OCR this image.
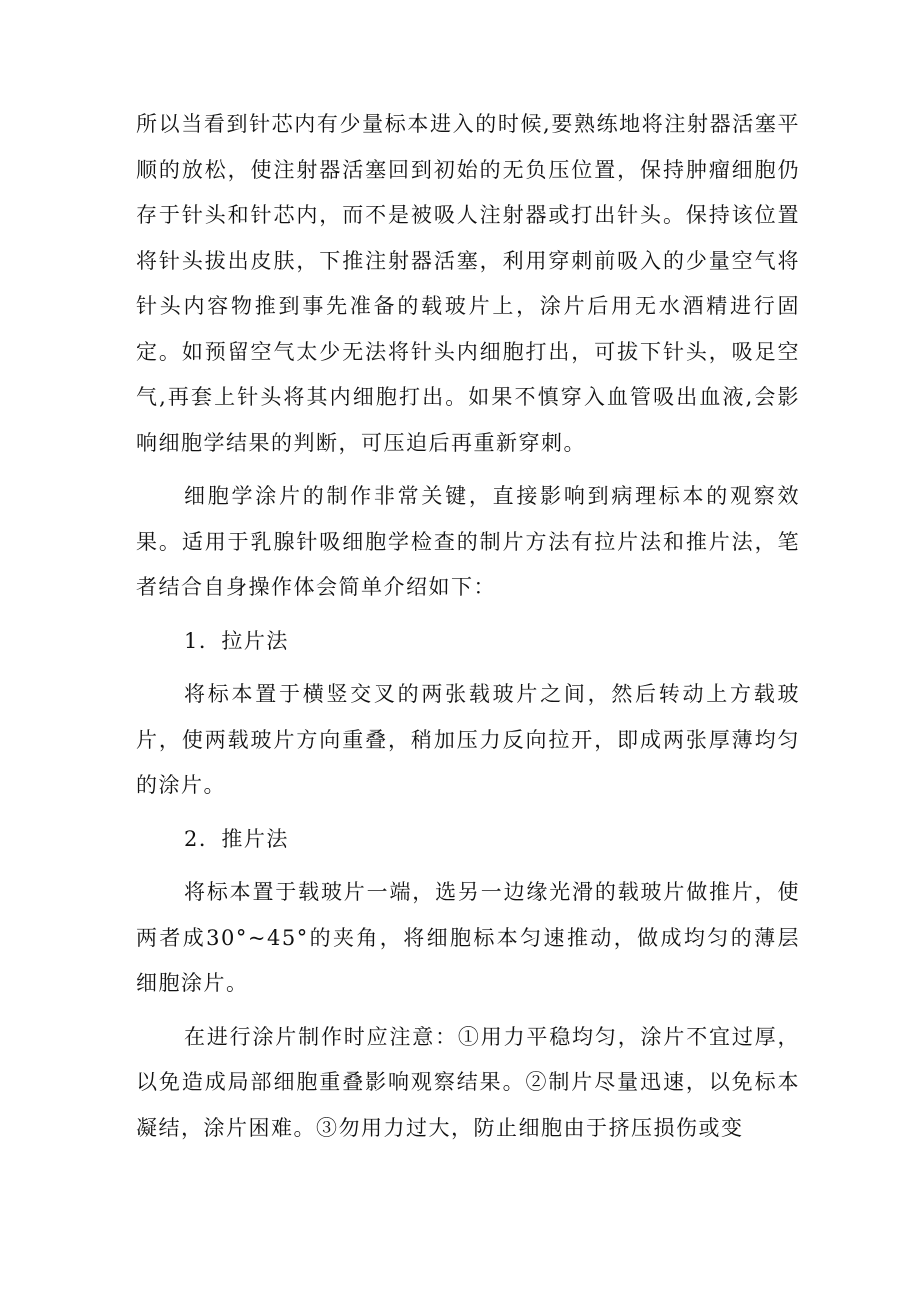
所以当看到针芯内有少量标本进入的时候,要熟练地将注射器活塞平顺的放松，使注射器活塞回到初始的无负压位置，保持肿瘤细胞仍存于针头和针芯内，而不是被吸人注射器或打出针头。保持该位置将针头拔出皮肤，下推注射器活塞，利用穿刺前吸入的少量空气将针头内容物推到事先准备的载玻片上，涂片后用无水酒精进行固定。如预留空气太少无法将针头内细胞打出，可拔下针头，吸足空气,再套上针头将其内细胞打出。如果不慎穿入血管吸出血液,会影响细胞学结果的判断，可压迫后再重新穿刺。

细胞学涂片的制作非常关键，直接影响到病理标本的观察效果。适用于乳腺针吸细胞学检查的制片方法有拉片法和推片法，笔者结合自身操作体会简单介绍如下：

1．拉片法

将标本置于横竖交叉的两张载玻片之间，然后转动上方载玻片，使两载玻片方向重叠，稍加压力反向拉开，即成两张厚薄均匀的涂片。

2．推片法

将标本置于载玻片一端，选另一边缘光滑的载玻片做推片，使两者成30°~45°的夹角，将细胞标本匀速推动，做成均匀的薄层细胞涂片。

在进行涂片制作时应注意：①用力平稳均匀，涂片不宜过厚，以免造成局部细胞重叠影响观察结果。②制片尽量迅速，以免标本凝结，涂片困难。③勿用力过大，防止细胞由于挤压损伤或变
